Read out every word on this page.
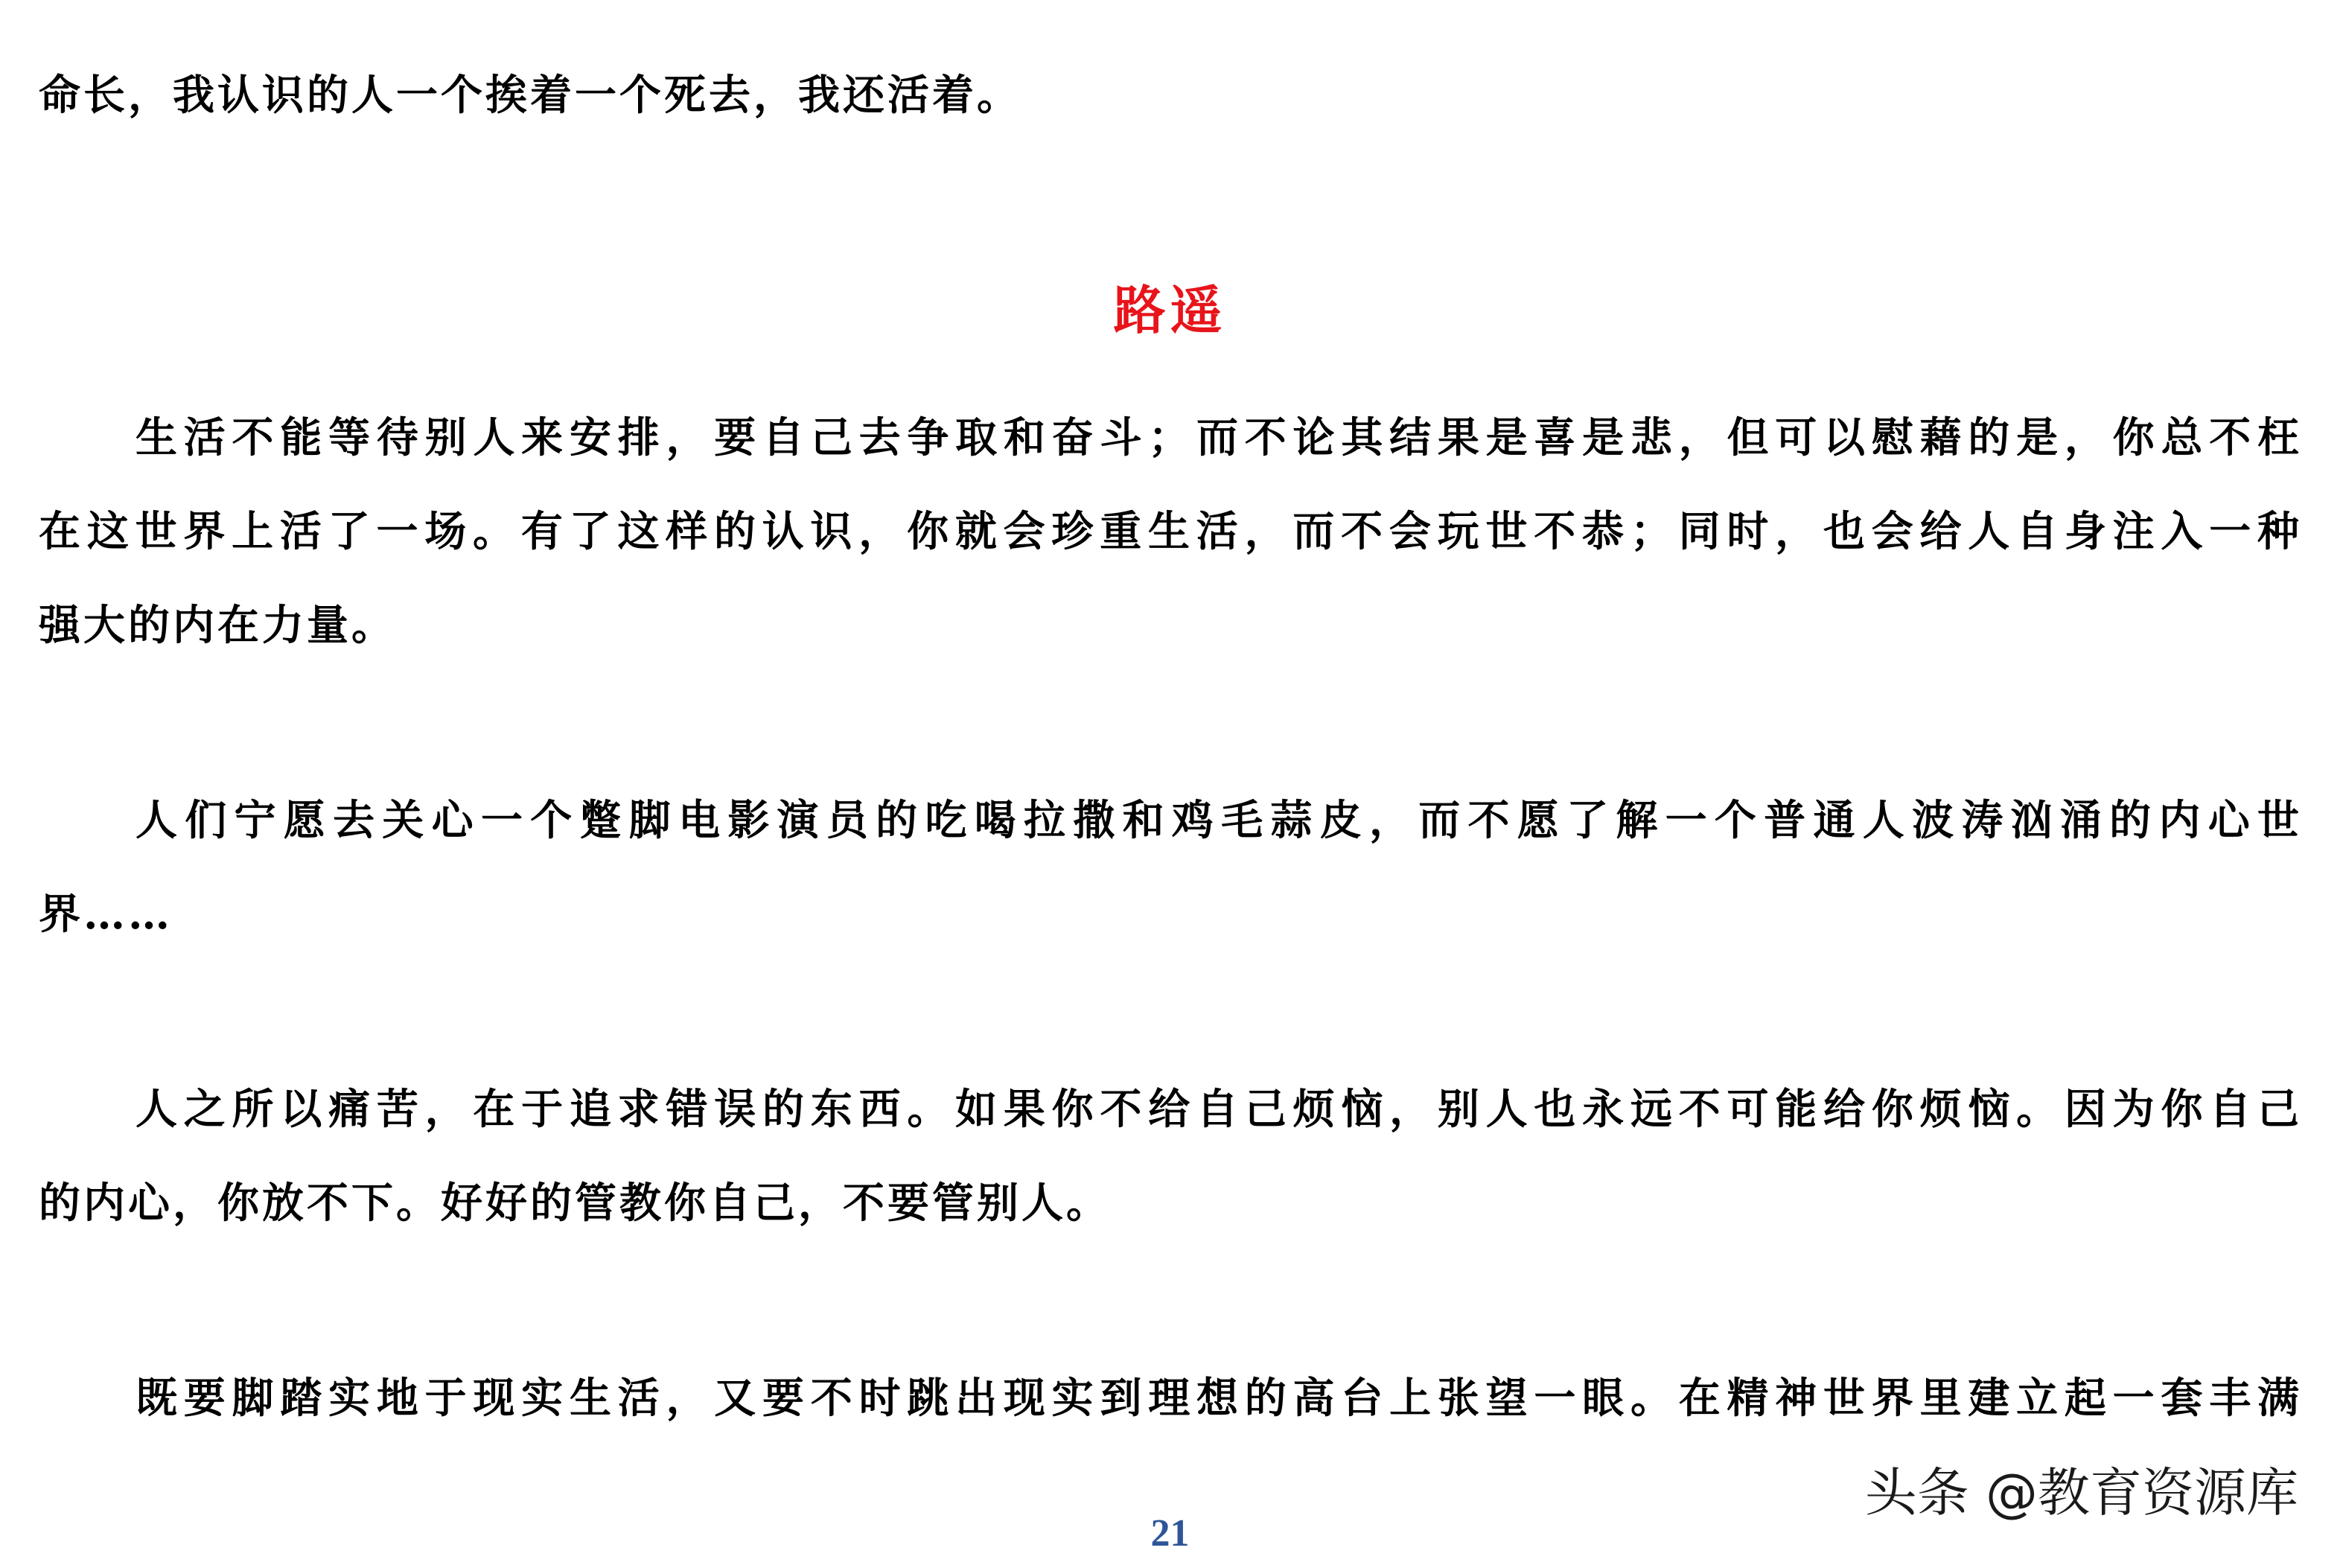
命长，我认识的人一个挨着一个死去，我还活着。
路遥
生活不能等待别人来安排，要自己去争取和奋斗；而不论其结果是喜是悲，但可以慰藉的是，你总不枉
在这世界上活了一场。有了这样的认识，你就会珍重生活，而不会玩世不恭；同时，也会给人自身注入一种
强大的内在力量。
人们宁愿去关心一个蹩脚电影演员的吃喝拉撒和鸡毛蒜皮，而不愿了解一个普通人波涛汹涌的内心世
界……
人之所以痛苦，在于追求错误的东西。如果你不给自己烦恼，别人也永远不可能给你烦恼。因为你自己
的内心，你放不下。好好的管教你自己，不要管别人。
既要脚踏实地于现实生活，又要不时跳出现实到理想的高台上张望一眼。在精神世界里建立起一套丰满
头条 @教育资源库
21
